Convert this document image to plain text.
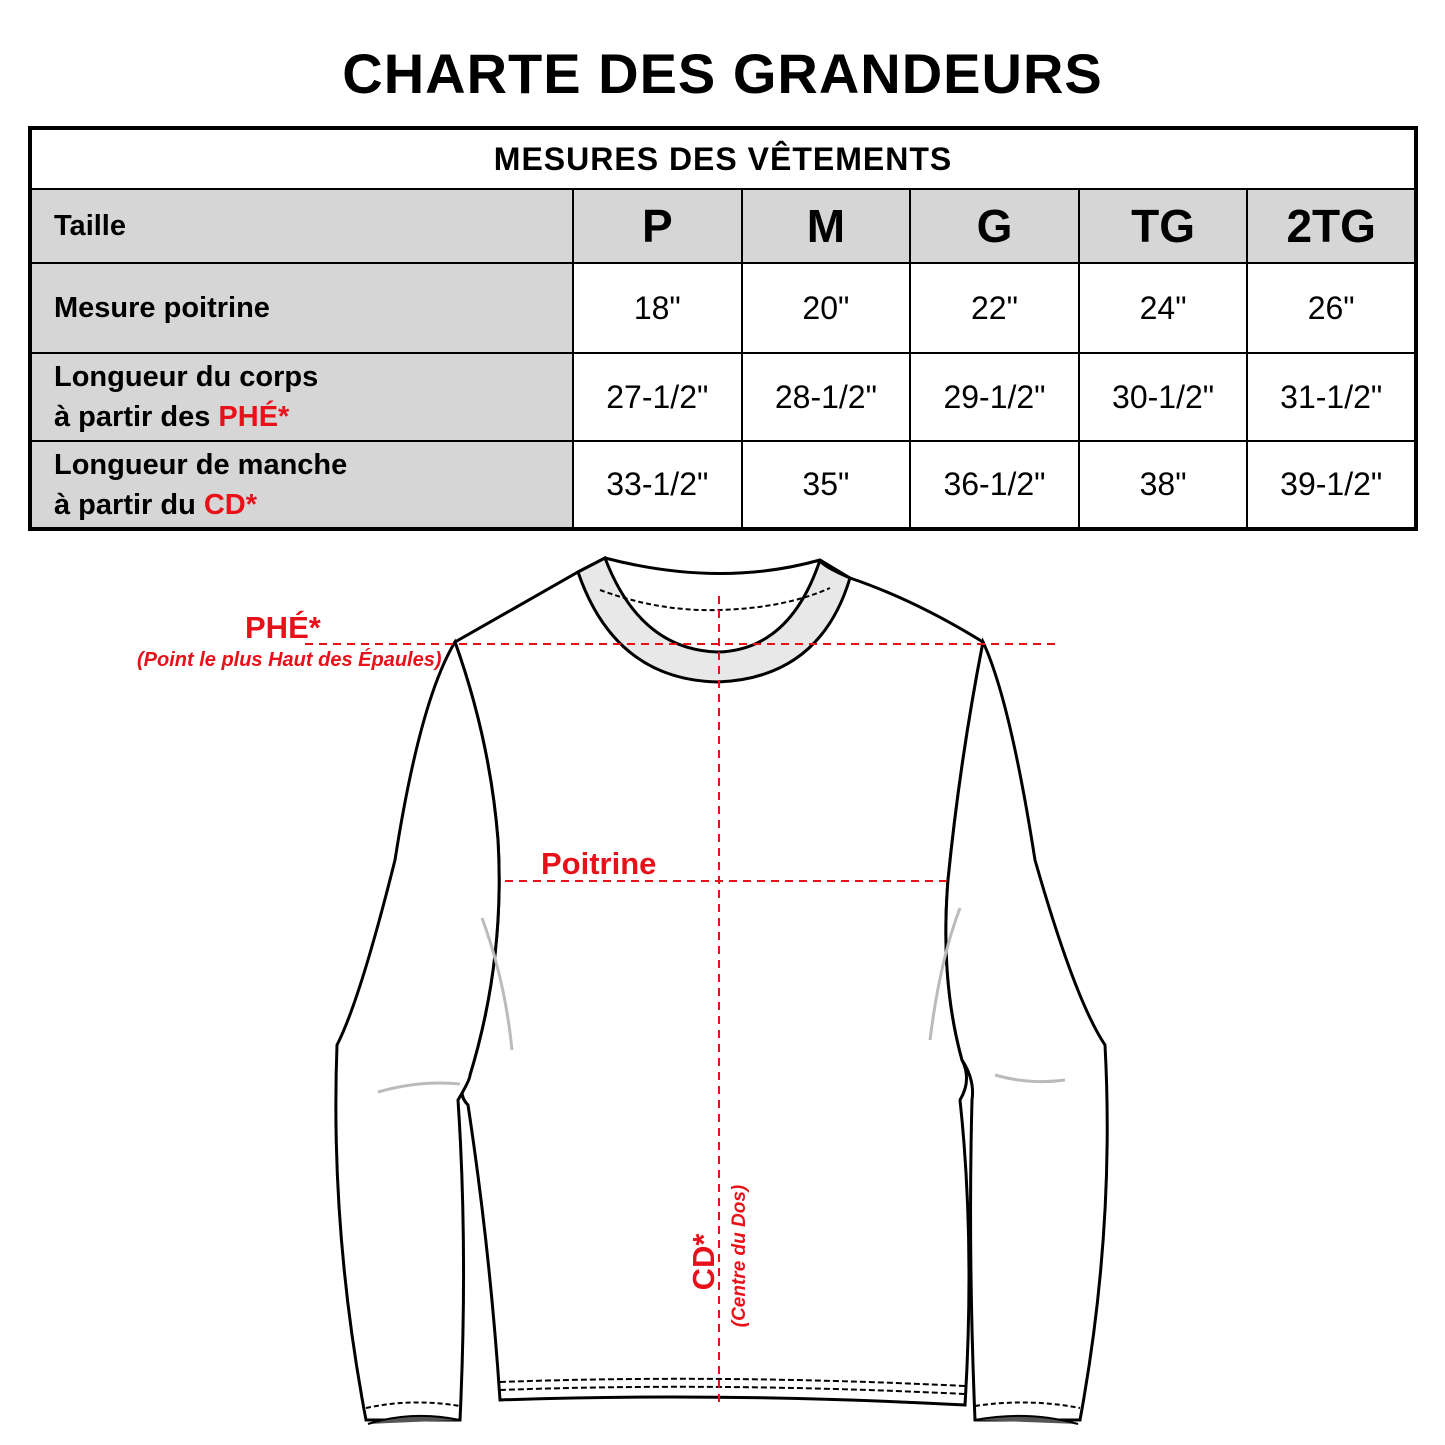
CHARTE DES GRANDEURS
MESURES DES VÊTEMENTS					
Taille	P	M	G	TG	2TG
Mesure poitrine	18"	20"	22"	24"	26"
Longueur du corps
à partir des PHÉ*	27-1/2"	28-1/2"	29-1/2"	30-1/2"	31-1/2"
Longueur de manche
à partir du CD*	33-1/2"	35"	36-1/2"	38"	39-1/2"
PHÉ*
(Point le plus Haut des Épaules)
Poitrine
CD* (Centre du Dos)
